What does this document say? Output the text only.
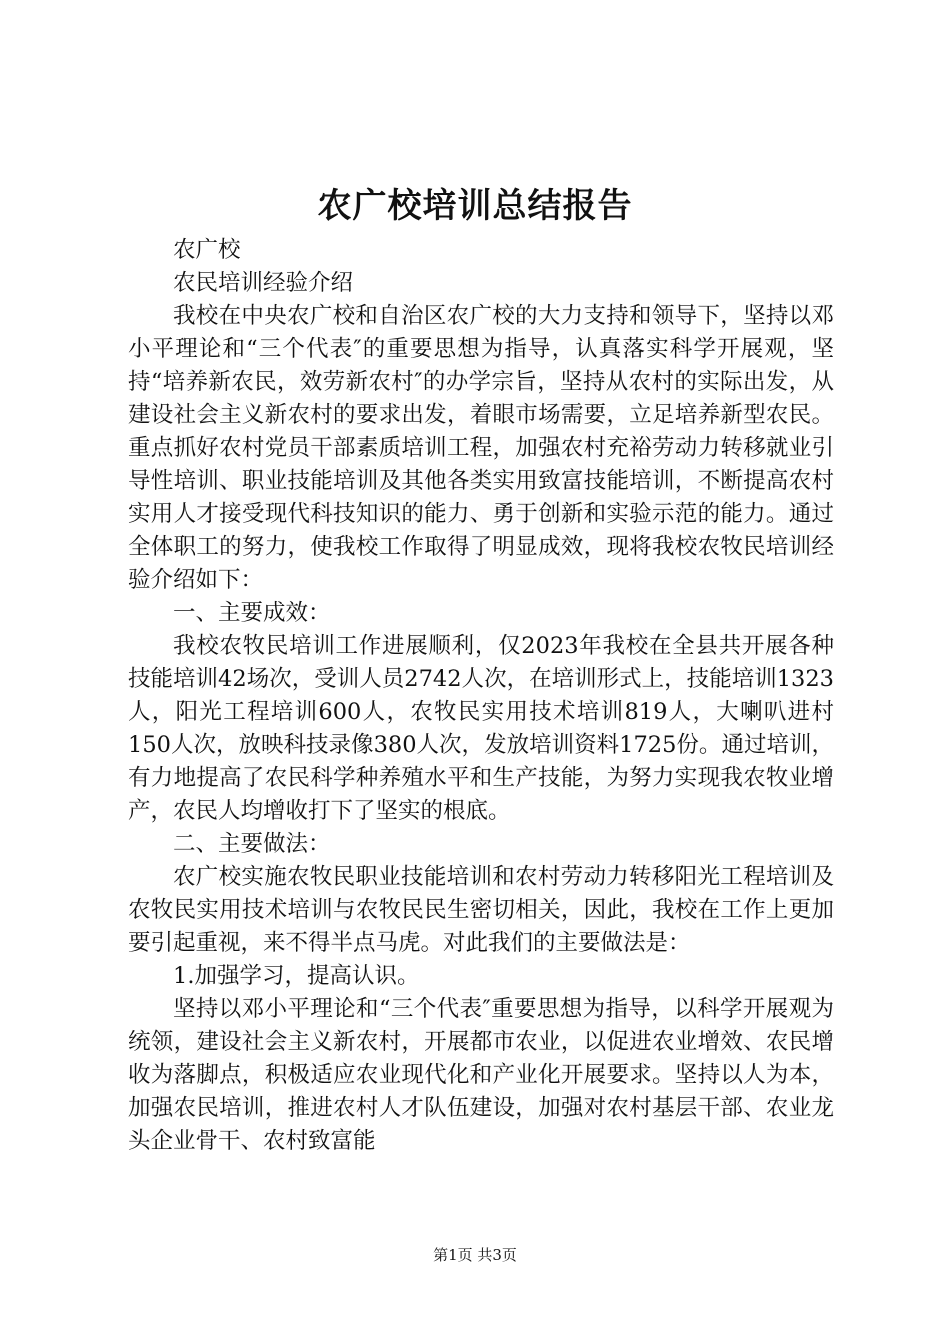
农广校培训总结报告

农广校

农民培训经验介绍

我校在中央农广校和自治区农广校的大力支持和领导下，坚持以邓小平理论和“三个代表″的重要思想为指导，认真落实科学开展观，坚持“培养新农民，效劳新农村″的办学宗旨，坚持从农村的实际出发，从建设社会主义新农村的要求出发，着眼市场需要，立足培养新型农民。重点抓好农村党员干部素质培训工程，加强农村充裕劳动力转移就业引导性培训、职业技能培训及其他各类实用致富技能培训，不断提高农村实用人才接受现代科技知识的能力、勇于创新和实验示范的能力。通过全体职工的努力，使我校工作取得了明显成效，现将我校农牧民培训经验介绍如下：

一、主要成效：

我校农牧民培训工作进展顺利，仅2023年我校在全县共开展各种技能培训42场次，受训人员2742人次，在培训形式上，技能培训1323人，阳光工程培训600人，农牧民实用技术培训819人，大喇叭进村150人次，放映科技录像380人次，发放培训资料1725份。通过培训，有力地提高了农民科学种养殖水平和生产技能，为努力实现我农牧业增产，农民人均增收打下了坚实的根底。

二、主要做法：

农广校实施农牧民职业技能培训和农村劳动力转移阳光工程培训及农牧民实用技术培训与农牧民民生密切相关，因此，我校在工作上更加要引起重视，来不得半点马虎。对此我们的主要做法是：

1.加强学习，提高认识。

坚持以邓小平理论和“三个代表″重要思想为指导，以科学开展观为统领，建设社会主义新农村，开展都市农业，以促进农业增效、农民增收为落脚点，积极适应农业现代化和产业化开展要求。坚持以人为本，加强农民培训，推进农村人才队伍建设，加强对农村基层干部、农业龙头企业骨干、农村致富能

第1页 共3页
